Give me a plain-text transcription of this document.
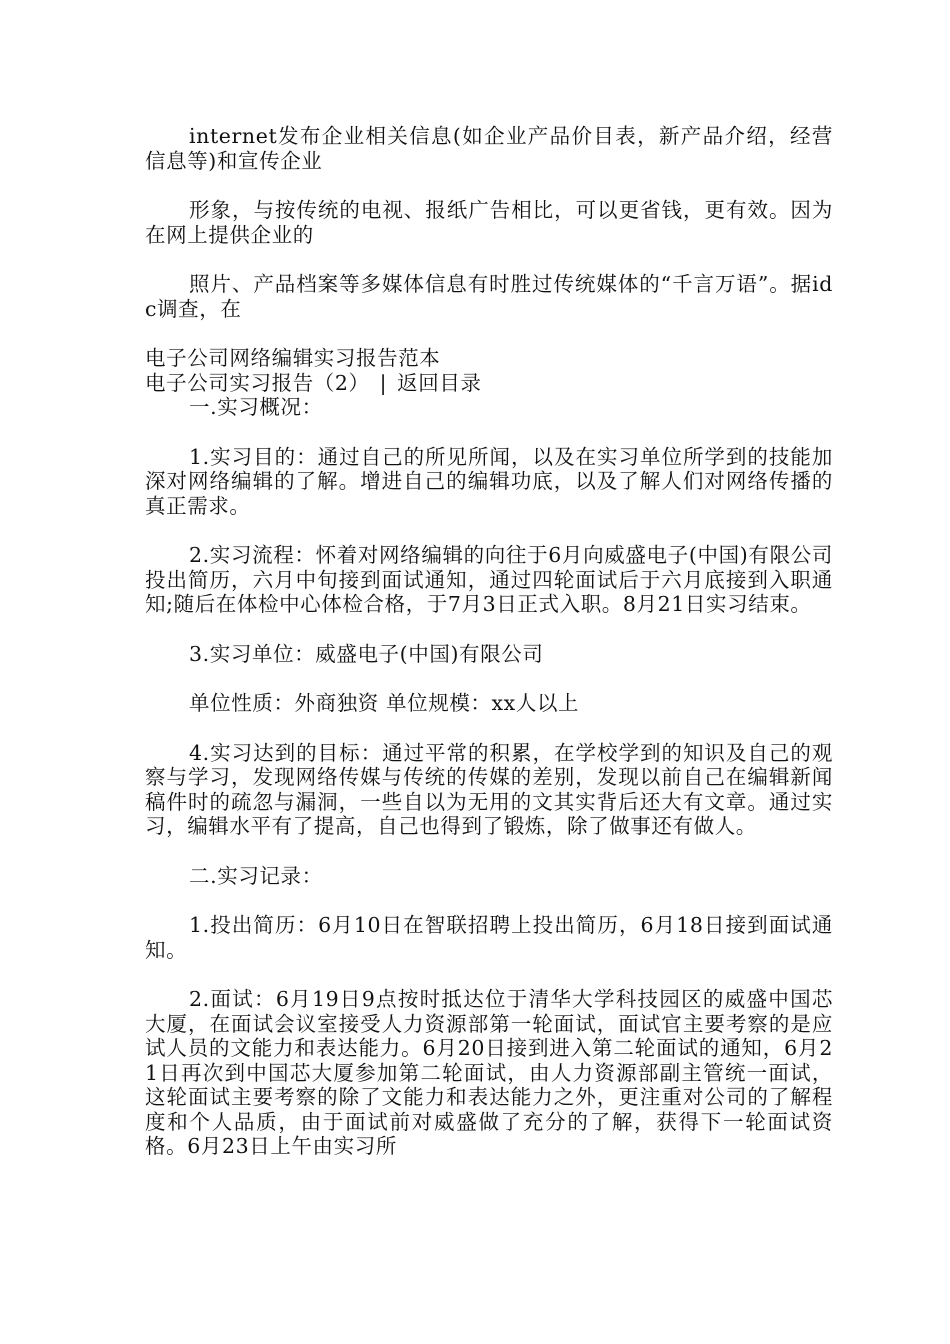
internet发布企业相关信息(如企业产品价目表，新产品介绍，经营信息等)和宣传企业

形象，与按传统的电视、报纸广告相比，可以更省钱，更有效。因为在网上提供企业的

照片、产品档案等多媒体信息有时胜过传统媒体的“千言万语”。据idc调查，在

电子公司网络编辑实习报告范本

电子公司实习报告（2） | 返回目录

一.实习概况：

1.实习目的：通过自己的所见所闻，以及在实习单位所学到的技能加深对网络编辑的了解。增进自己的编辑功底，以及了解人们对网络传播的真正需求。

2.实习流程：怀着对网络编辑的向往于6月向威盛电子(中国)有限公司投出简历，六月中旬接到面试通知，通过四轮面试后于六月底接到入职通知;随后在体检中心体检合格，于7月3日正式入职。8月21日实习结束。

3.实习单位：威盛电子(中国)有限公司

单位性质：外商独资 单位规模：xx人以上

4.实习达到的目标：通过平常的积累，在学校学到的知识及自己的观察与学习，发现网络传媒与传统的传媒的差别，发现以前自己在编辑新闻稿件时的疏忽与漏洞，一些自以为无用的文其实背后还大有文章。通过实习，编辑水平有了提高，自己也得到了锻炼，除了做事还有做人。

二.实习记录：

1.投出简历：6月10日在智联招聘上投出简历，6月18日接到面试通知。

2.面试：6月19日9点按时抵达位于清华大学科技园区的威盛中国芯大厦，在面试会议室接受人力资源部第一轮面试，面试官主要考察的是应试人员的文能力和表达能力。6月20日接到进入第二轮面试的通知，6月21日再次到中国芯大厦参加第二轮面试，由人力资源部副主管统一面试，这轮面试主要考察的除了文能力和表达能力之外，更注重对公司的了解程度和个人品质，由于面试前对威盛做了充分的了解，获得下一轮面试资格。6月23日上午由实习所
